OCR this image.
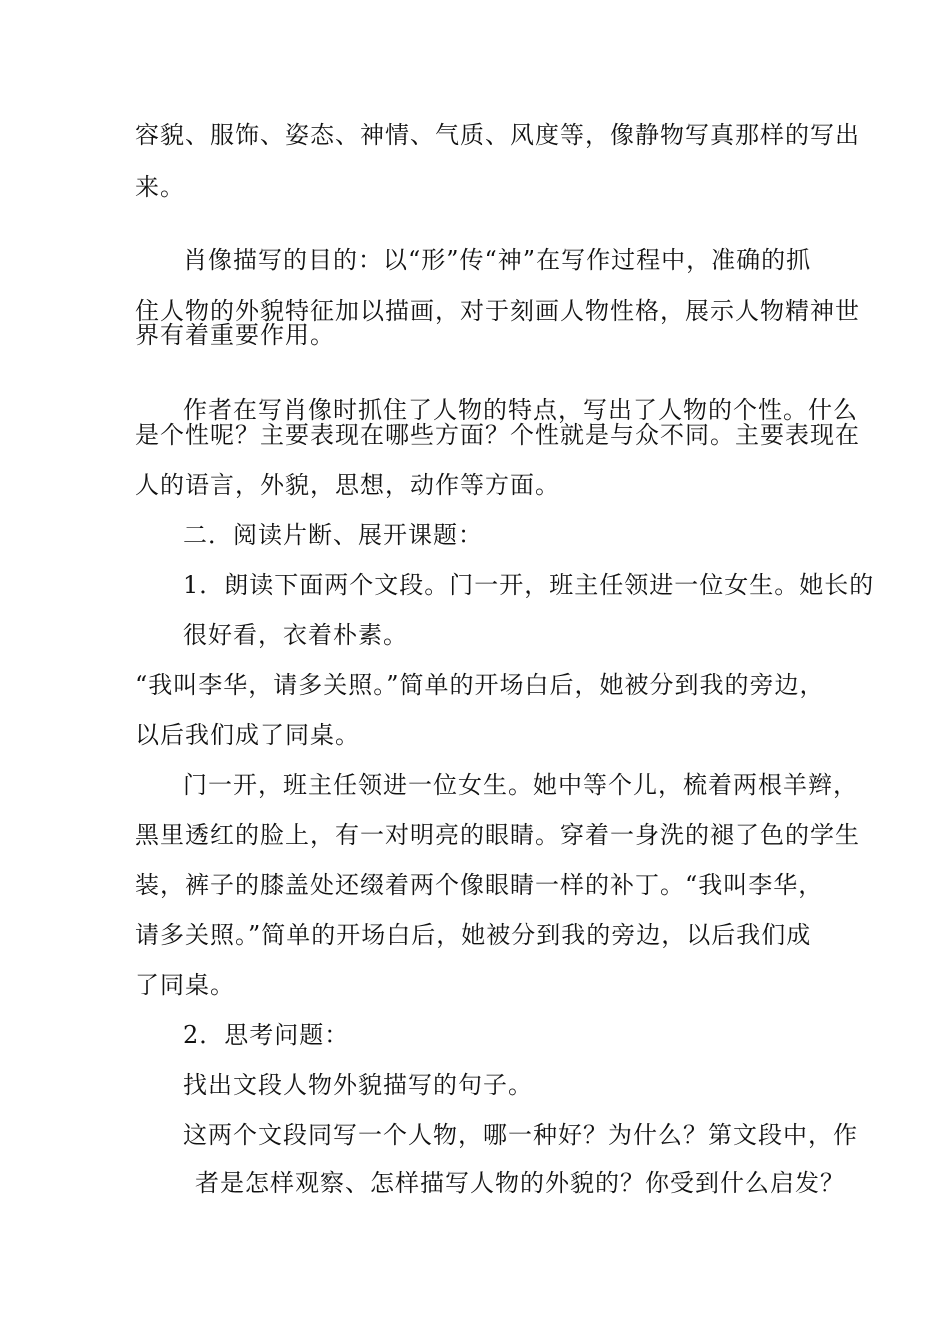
容貌、服饰、姿态、神情、气质、风度等，像静物写真那样的写出
来。
肖像描写的目的：以“形”传“神”在写作过程中，准确的抓
住人物的外貌特征加以描画，对于刻画人物性格，展示人物精神世
界有着重要作用。
作者在写肖像时抓住了人物的特点，写出了人物的个性。什么
是个性呢？主要表现在哪些方面？个性就是与众不同。主要表现在
人的语言，外貌，思想，动作等方面。
二．阅读片断、展开课题：
1．朗读下面两个文段。门一开，班主任领进一位女生。她长的
很好看，衣着朴素。
“我叫李华，请多关照。”简单的开场白后，她被分到我的旁边，
以后我们成了同桌。
门一开，班主任领进一位女生。她中等个儿，梳着两根羊辫，
黑里透红的脸上，有一对明亮的眼睛。穿着一身洗的褪了色的学生
装，裤子的膝盖处还缀着两个像眼睛一样的补丁。“我叫李华，
请多关照。”简单的开场白后，她被分到我的旁边，以后我们成
了同桌。
2．思考问题：
找出文段人物外貌描写的句子。
这两个文段同写一个人物，哪一种好？为什么？第文段中，作
者是怎样观察、怎样描写人物的外貌的？你受到什么启发？
